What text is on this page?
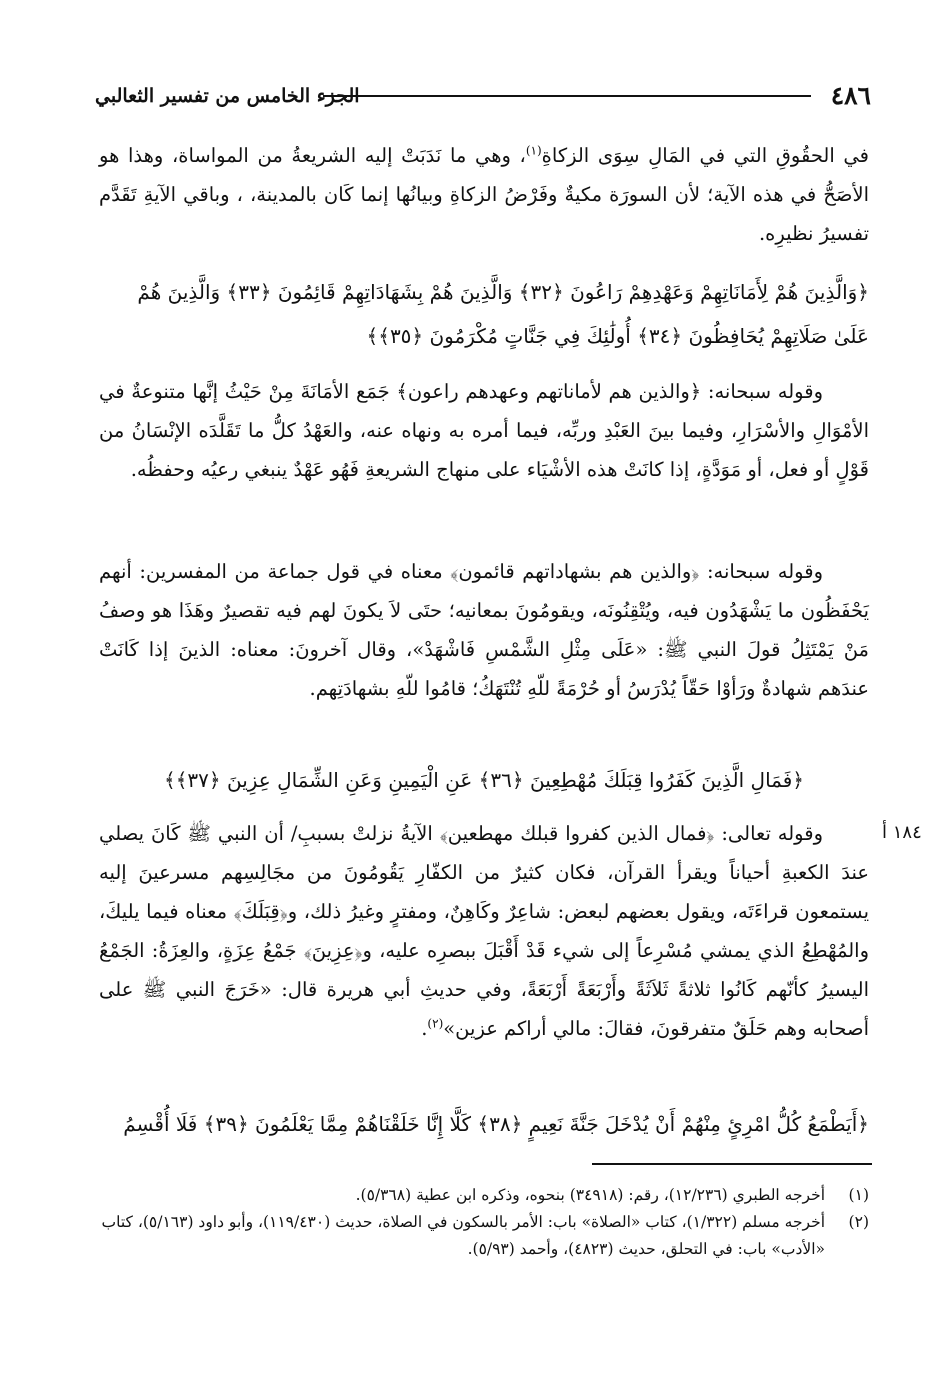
٤٨٦
الجزء الخامس من تفسير الثعالبي

في الحقُوقِ التي في المَالِ سِوَى الزكاةِ$^{(١)}$، وهي ما نَدَبَتْ إليه الشريعةُ من المواساة، وهذا هو الأصَحُّ في هذه الآية؛ لأن السورَة مكيةٌ وفَرْضُ الزكاةِ وبيانُها إنما كَان بالمدينة، ، وباقي الآيةِ تَقَدَّم تفسيرُ نظيرِه.

﴿وَالَّذِينَ هُمْ لِأَمَانَاتِهِمْ وَعَهْدِهِمْ رَاعُونَ ﴿٣٢﴾ وَالَّذِينَ هُمْ بِشَهَادَاتِهِمْ قَائِمُونَ ﴿٣٣﴾ وَالَّذِينَ هُمْ عَلَىٰ صَلَاتِهِمْ يُحَافِظُونَ ﴿٣٤﴾ أُولَٰئِكَ فِي جَنَّاتٍ مُكْرَمُونَ ﴿٣٥﴾﴾

وقوله سبحانه: ﴿والذين هم لأماناتهم وعهدهم راعون﴾ جَمَع الأمَانَةَ مِنْ حَيْثُ إنَّها متنوعةٌ في الأمْوَالِ والأسْرَارِ، وفيما بينَ العَبْدِ وربِّه، فيما أمره به ونهاه عنه، والعَهْدُ كلُّ ما تَقَلَّدَه الإنْسَانُ من قَوْلٍ أو فعل، أو مَوَدَّةٍ، إذا كانَتْ هذه الأشْيَاء على منهاج الشريعةِ فَهُو عَهْدٌ ينبغي رعيُه وحفظُه.

وقوله سبحانه: ﴿والذين هم بشهاداتهم قائمون﴾ معناه في قول جماعة من المفسرين: أنهم يَحْفَظُون ما يَشْهَدُون فيه، ويُتْقِنُونَه، ويقومُونَ بمعانيه؛ حتَى لاَ يكونَ لهم فيه تقصيرٌ وهَذَا هو وصفُ مَنْ يَمْتَثِلُ قولَ النبي ﷺ: «عَلَى مِثْلِ الشَّمْسِ فَاشْهَدْ»، وقال آخرونَ: معناه: الذينَ إذا كَانَتْ عندَهم شهادةٌ ورَأوْا حَقّاً يُدْرَسُ أو حُرْمَةً للّهِ تُنْتَهَكُ؛ قامُوا للّهِ بشهادَتِهم.

﴿فَمَالِ الَّذِينَ كَفَرُوا قِبَلَكَ مُهْطِعِينَ ﴿٣٦﴾ عَنِ الْيَمِينِ وَعَنِ الشِّمَالِ عِزِينَ ﴿٣٧﴾﴾

١٨٤ أ

وقوله تعالى: ﴿فمال الذين كفروا قبلك مهطعين﴾ الآيةُ نزلتْ بسببِ/ أن النبي ﷺ كَانَ يصلي عندَ الكعبةِ أحياناً ويقرأ القرآن، فكان كثيرٌ من الكفّارِ يَقُومُونَ من مجَالِسِهم مسرعينَ إليه يستمعون قراءَتَه، ويقول بعضهم لبعض: شاعِرٌ وكَاهِنٌ، ومفترٍ وغيرُ ذلك، و﴿قِبَلَكَ﴾ معناه فيما يليكَ، والمُهْطِعُ الذي يمشي مُسْرِعاً إلى شيء قَدْ أَقْبَلَ ببصرِه عليه، و﴿عِزِينَ﴾ جَمْعُ عِزَةٍ، والعِزَةُ: الجَمْعُ اليسيرُ كأنّهم كَانُوا ثلاثةً ثَلاَثَةً وأَرْبَعَةً أَرْبَعَةً، وفي حديثِ أبي هريرة قال: «خَرَجَ النبي ﷺ على أصحابه وهم حَلَقٌ متفرقونَ، فقالَ: مالي أراكم عزين»$^{(٢)}$.

﴿أَيَطْمَعُ كُلُّ امْرِئٍ مِنْهُمْ أَنْ يُدْخَلَ جَنَّةَ نَعِيمٍ ﴿٣٨﴾ كَلَّا إِنَّا خَلَقْنَاهُمْ مِمَّا يَعْلَمُونَ ﴿٣٩﴾ فَلَا أُقْسِمُ

(١)
أخرجه الطبري (١٢/٢٣٦)، رقم: (٣٤٩١٨) بنحوه، وذكره ابن عطية (٥/٣٦٨).
(٢)
أخرجه مسلم (١/٣٢٢)، كتاب «الصلاة» باب: الأمر بالسكون في الصلاة، حديث (١١٩/٤٣٠)، وأبو داود (٥/١٦٣)، كتاب «الأدب» باب: في التحلق، حديث (٤٨٢٣)، وأحمد (٥/٩٣).
